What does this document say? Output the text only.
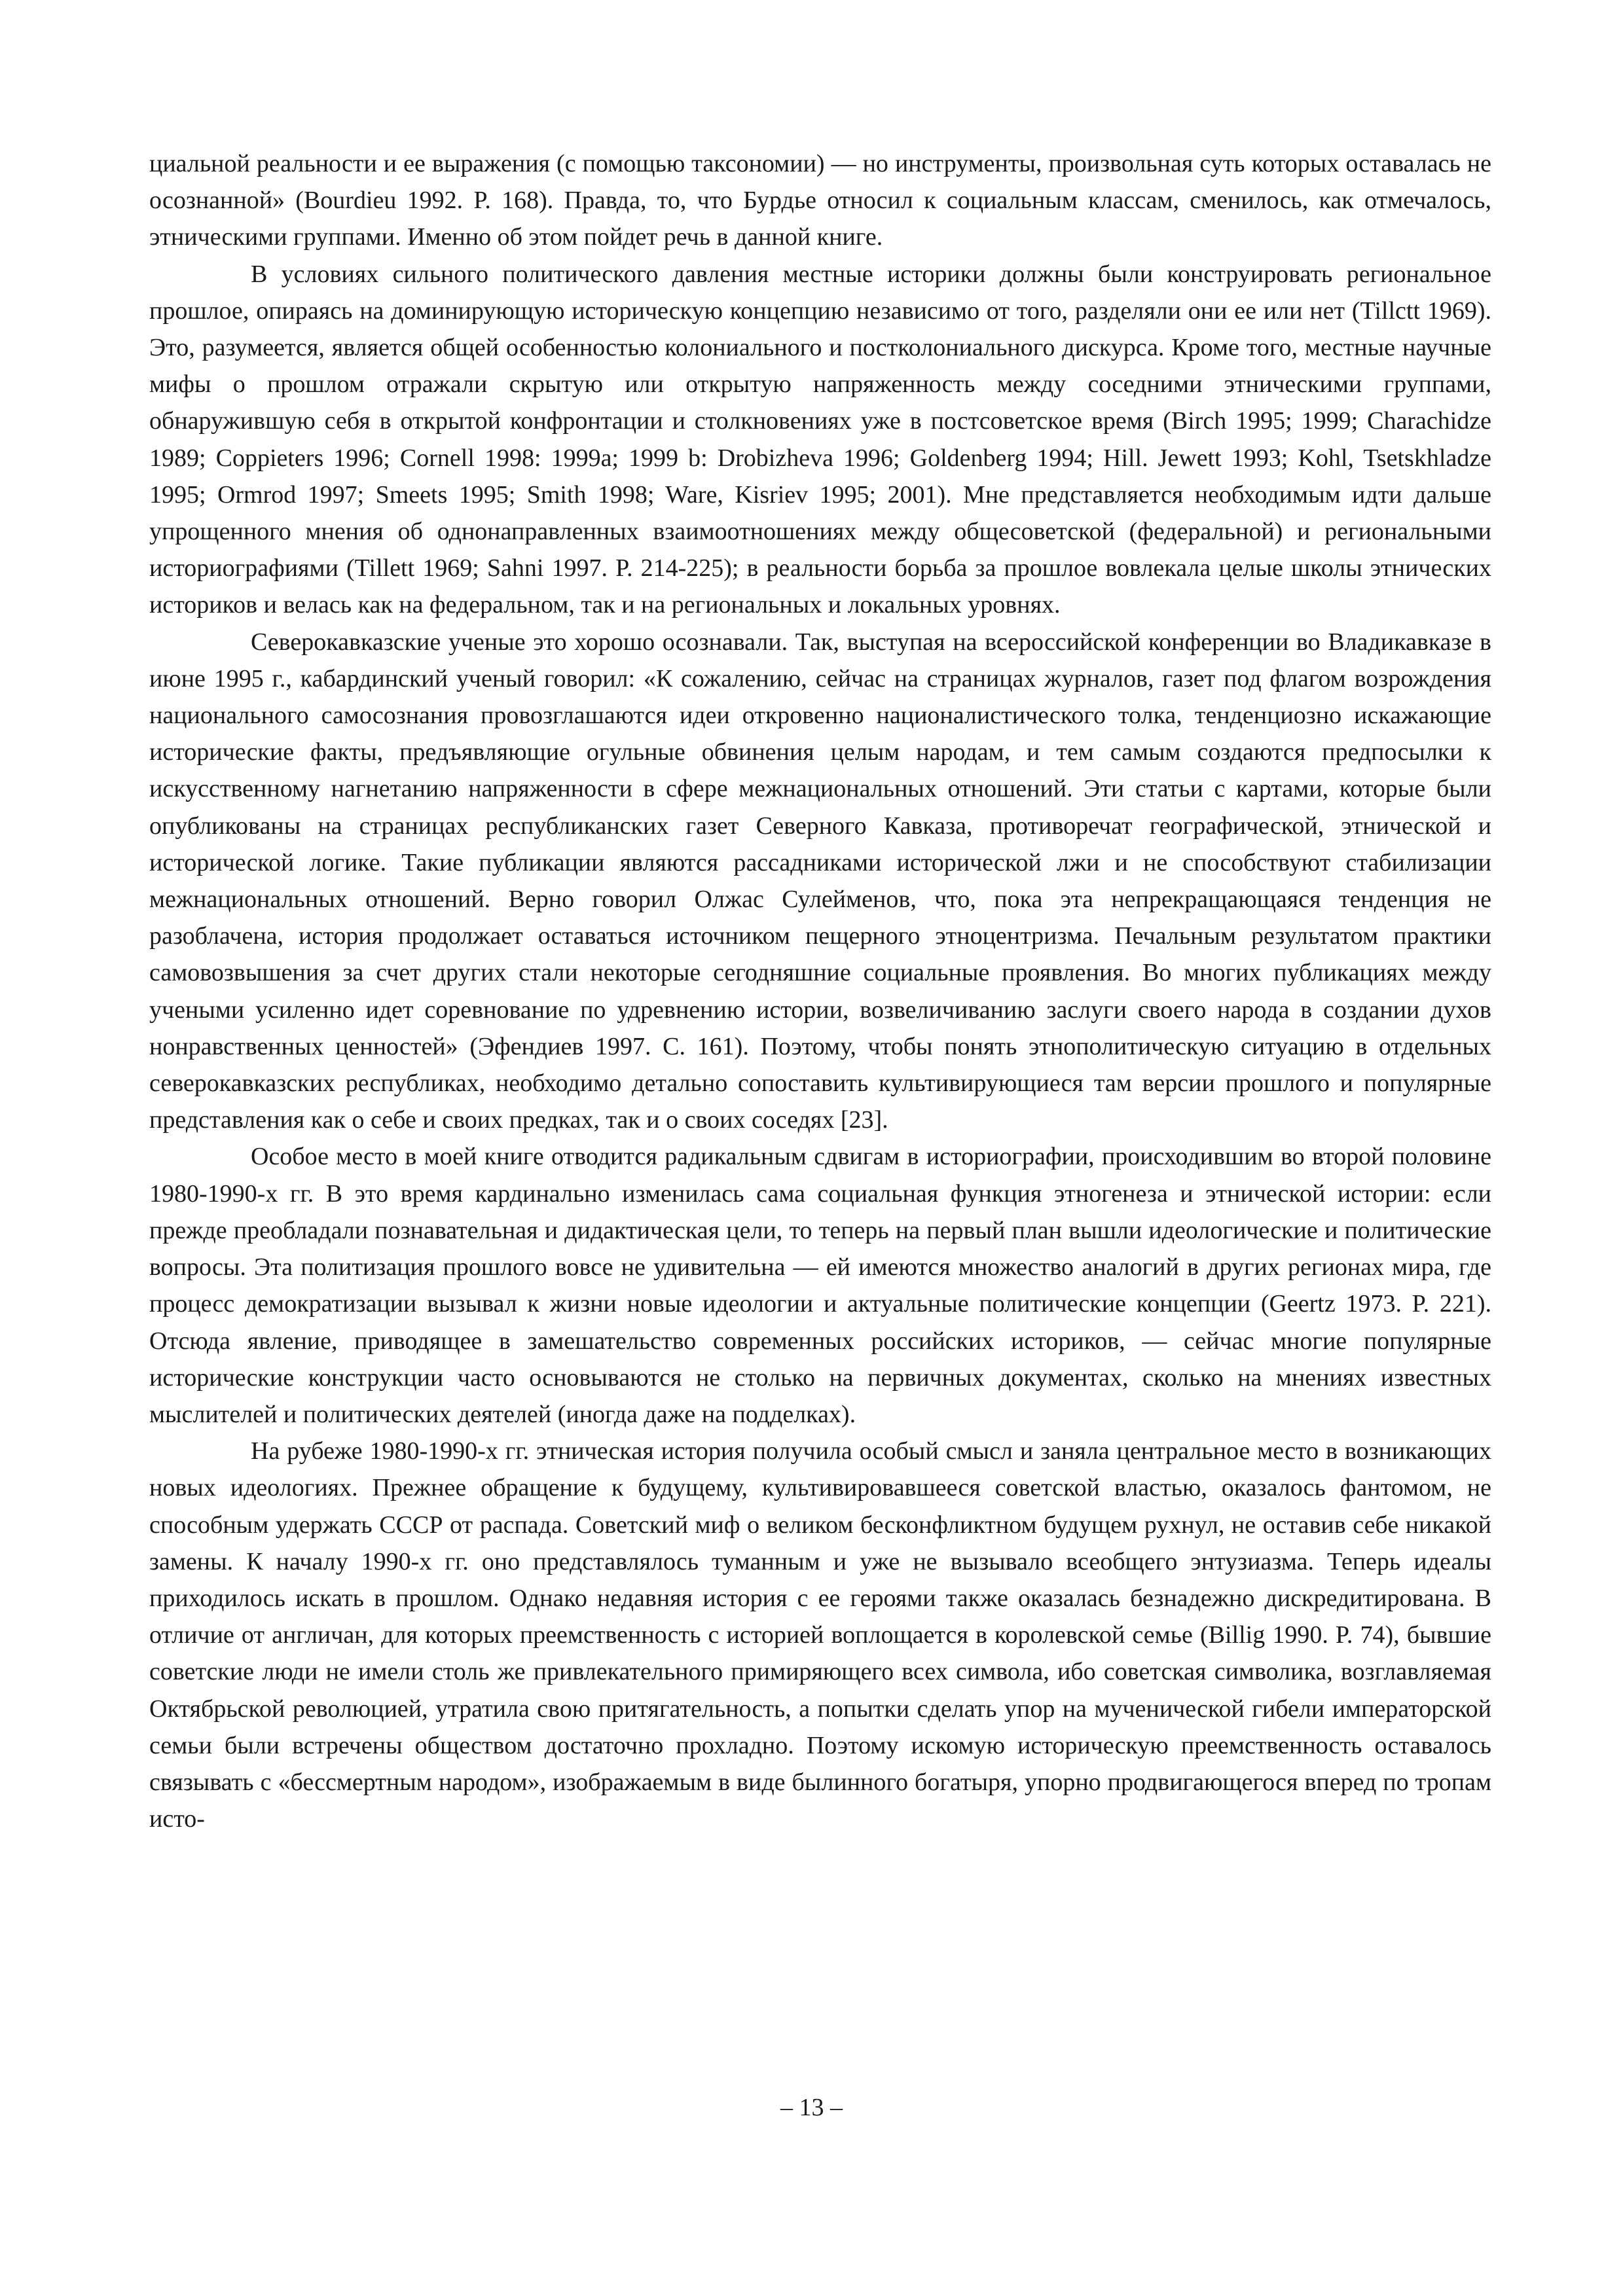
циальной реальности и ее выражения (с помощью таксономии) — но инструменты, произвольная суть которых оставалась не осознанной» (Bourdieu 1992. P. 168). Правда, то, что Бурдье относил к социальным классам, сменилось, как отмечалось, этническими группами. Именно об этом пойдет речь в данной книге.

В условиях сильного политического давления местные историки должны были конструировать региональное прошлое, опираясь на доминирующую историческую концепцию независимо от того, разделяли они ее или нет (Tillctt 1969). Это, разумеется, является общей особенностью колониального и постколониального дискурса. Кроме того, местные научные мифы о прошлом отражали скрытую или открытую напряженность между соседними этническими группами, обнаружившую себя в открытой конфронтации и столкновениях уже в постсоветское время (Birch 1995; 1999; Charachidze 1989; Coppieters 1996; Cornell 1998: 1999a; 1999 b: Drobizheva 1996; Goldenberg 1994; Hill. Jewett 1993; Kohl, Tsetskhladze 1995; Ormrod 1997; Smeets 1995; Smith 1998; Ware, Kisriev 1995; 2001). Мне представляется необходимым идти дальше упрощенного мнения об однонаправленных взаимоотношениях между общесоветской (федеральной) и региональными историографиями (Tillett 1969; Sahni 1997. P. 214-225); в реальности борьба за прошлое вовлекала целые школы этнических историков и велась как на федеральном, так и на региональных и локальных уровнях.

Северокавказские ученые это хорошо осознавали. Так, выступая на всероссийской конференции во Владикавказе в июне 1995 г., кабардинский ученый говорил: «К сожалению, сейчас на страницах журналов, газет под флагом возрождения национального самосознания провозглашаются идеи откровенно националистического толка, тенденциозно искажающие исторические факты, предъявляющие огульные обвинения целым народам, и тем самым создаются предпосылки к искусственному нагнетанию напряженности в сфере межнациональных отношений. Эти статьи с картами, которые были опубликованы на страницах республиканских газет Северного Кавказа, противоречат географической, этнической и исторической логике. Такие публикации являются рассадниками исторической лжи и не способствуют стабилизации межнациональных отношений. Верно говорил Олжас Сулейменов, что, пока эта непрекращающаяся тенденция не разоблачена, история продолжает оставаться источником пещерного этноцентризма. Печальным результатом практики самовозвышения за счет других стали некоторые сегодняшние социальные проявления. Во многих публикациях между учеными усиленно идет соревнование по удревнению истории, возвеличиванию заслуги своего народа в создании духов нонравственных ценностей» (Эфендиев 1997. С. 161). Поэтому, чтобы понять этнополитическую ситуацию в отдельных северокавказских республиках, необходимо детально сопоставить культивирующиеся там версии прошлого и популярные представления как о себе и своих предках, так и о своих соседях [23].

Особое место в моей книге отводится радикальным сдвигам в историографии, происходившим во второй половине 1980-1990-х гг. В это время кардинально изменилась сама социальная функция этногенеза и этнической истории: если прежде преобладали познавательная и дидактическая цели, то теперь на первый план вышли идеологические и политические вопросы. Эта политизация прошлого вовсе не удивительна — ей имеются множество аналогий в других регионах мира, где процесс демократизации вызывал к жизни новые идеологии и актуальные политические концепции (Geertz 1973. P. 221). Отсюда явление, приводящее в замешательство современных российских историков, — сейчас многие популярные исторические конструкции часто основываются не столько на первичных документах, сколько на мнениях известных мыслителей и политических деятелей (иногда даже на подделках).

На рубеже 1980-1990-х гг. этническая история получила особый смысл и заняла центральное место в возникающих новых идеологиях. Прежнее обращение к будущему, культивировавшееся советской властью, оказалось фантомом, не способным удержать СССР от распада. Советский миф о великом бесконфликтном будущем рухнул, не оставив себе никакой замены. К началу 1990-х гг. оно представлялось туманным и уже не вызывало всеобщего энтузиазма. Теперь идеалы приходилось искать в прошлом. Однако недавняя история с ее героями также оказалась безнадежно дискредитирована. В отличие от англичан, для которых преемственность с историей воплощается в королевской семье (Billig 1990. P. 74), бывшие советские люди не имели столь же привлекательного примиряющего всех символа, ибо советская символика, возглавляемая Октябрьской революцией, утратила свою притягательность, а попытки сделать упор на мученической гибели императорской семьи были встречены обществом достаточно прохладно. Поэтому искомую историческую преемственность оставалось связывать с «бессмертным народом», изображаемым в виде былинного богатыря, упорно продвигающегося вперед по тропам исто-

– 13 –
